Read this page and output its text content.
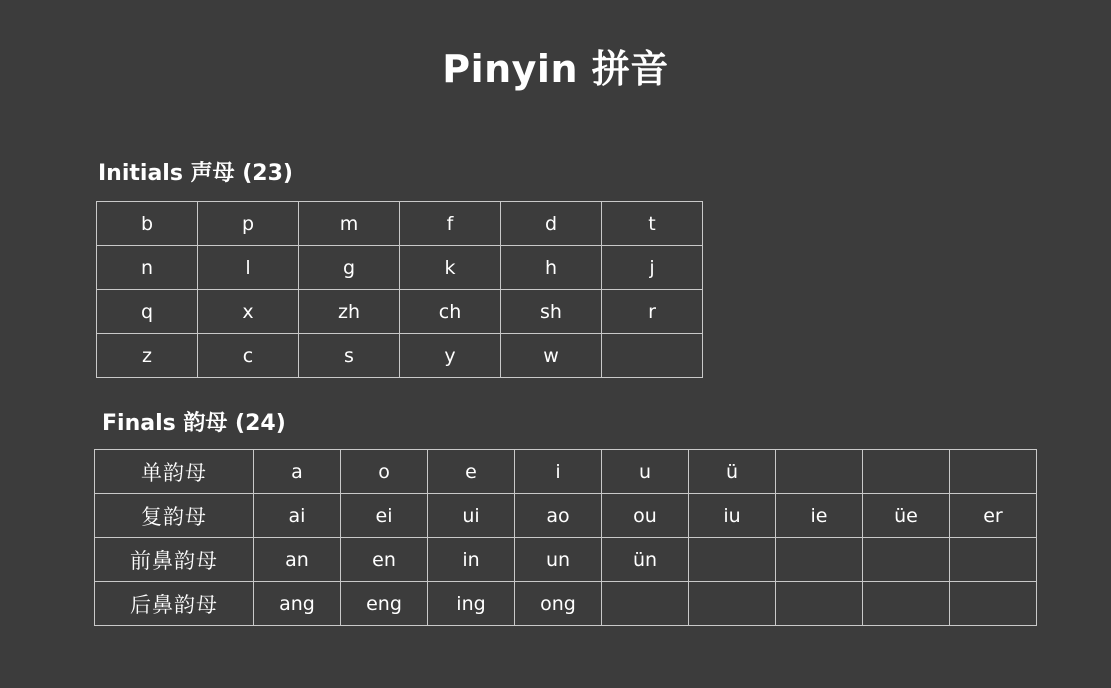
Pinyin 拼音
Initials 声母 (23)
b	p	m	f	d	t
n	l	g	k	h	j
q	x	zh	ch	sh	r
z	c	s	y	w	
Finals 韵母 (24)
单韵母	a	o	e	i	u	ü			
复韵母	ai	ei	ui	ao	ou	iu	ie	üe	er
前鼻韵母	an	en	in	un	ün				
后鼻韵母	ang	eng	ing	ong					
